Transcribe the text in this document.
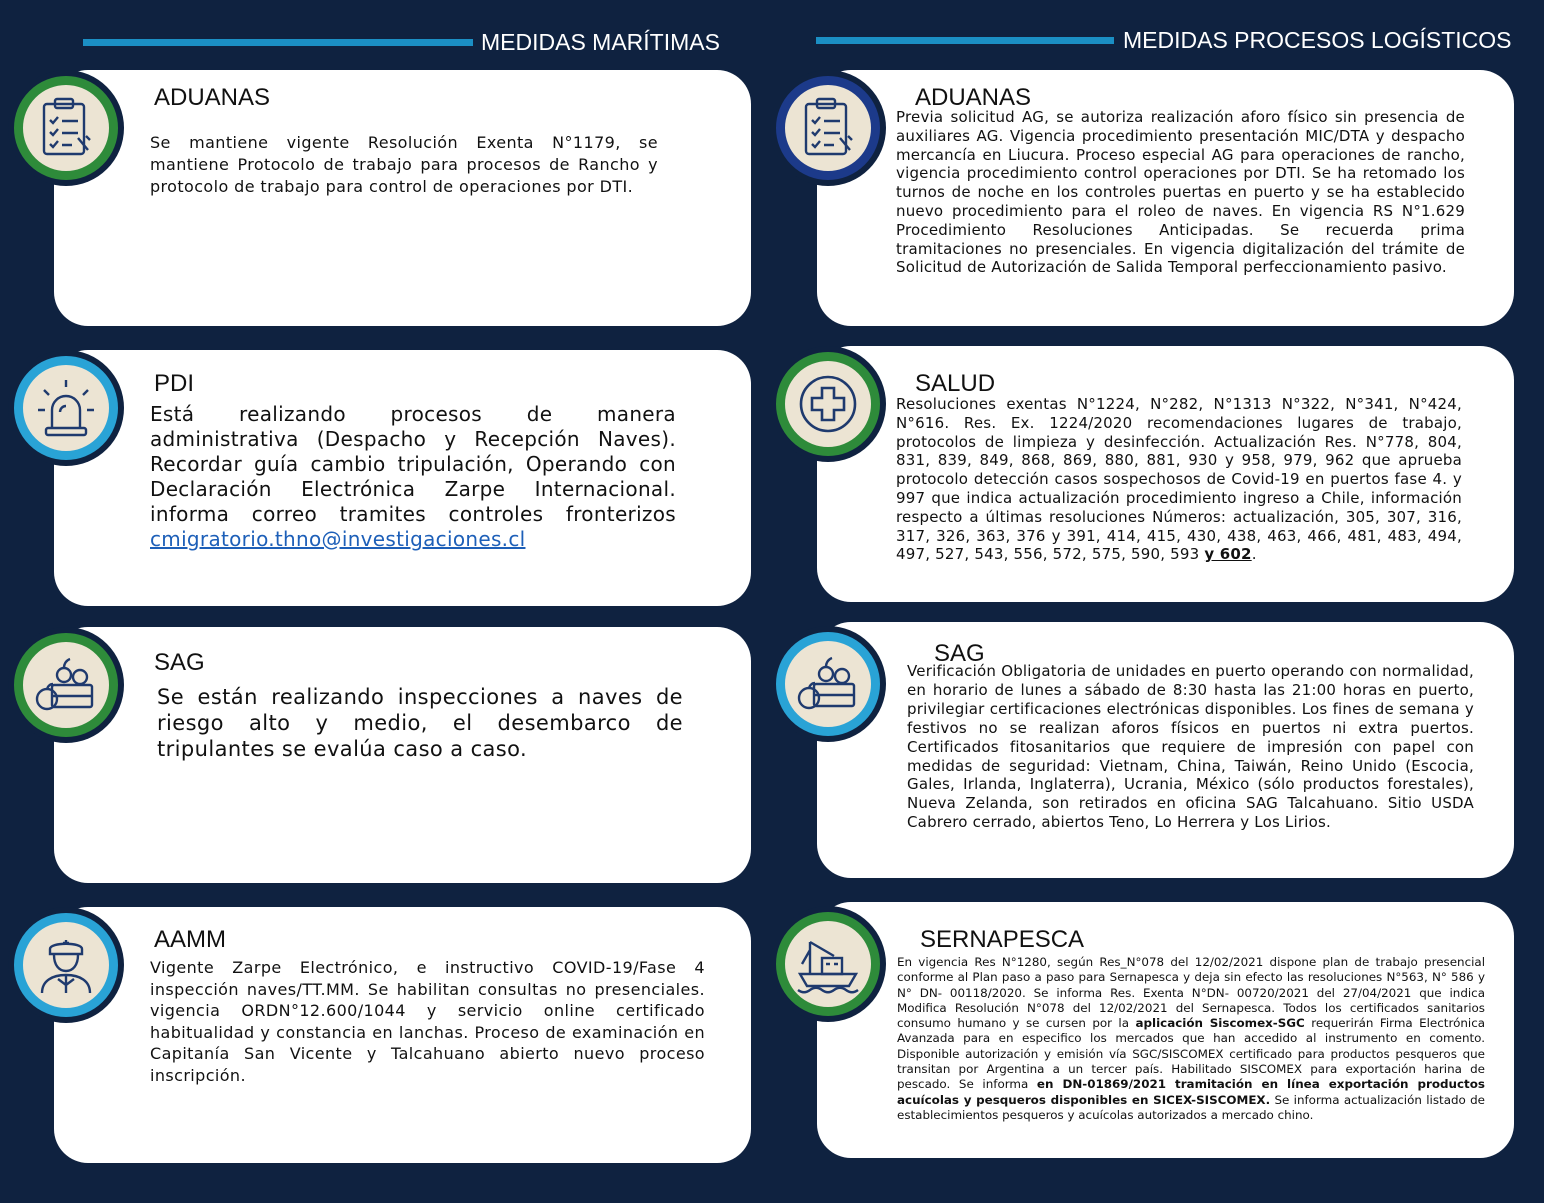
MEDIDAS MARÍTIMAS	MEDIDAS PROCESOS LOGÍSTICOS
ADUANAS
Se mantiene vigente Resolución Exenta N°1179, se mantiene Protocolo de trabajo para procesos de Rancho y protocolo de trabajo para control de operaciones por DTI.
PDI
Está realizando procesos de manera administrativa (Despacho y Recepción Naves). Recordar guía cambio tripulación, Operando con Declaración Electrónica Zarpe Internacional. informa correo tramites controles fronterizos
cmigratorio.thno@investigaciones.cl
SAG
Se están realizando inspecciones a naves de riesgo alto y medio, el desembarco de tripulantes se evalúa caso a caso.
AAMM
Vigente Zarpe Electrónico, e instructivo COVID-19/Fase 4 inspección naves/TT.MM. Se habilitan consultas no presenciales. vigencia ORDN°12.600/1044 y servicio online certificado habitualidad y constancia en lanchas. Proceso de examinación en Capitanía San Vicente y Talcahuano abierto nuevo proceso inscripción.
ADUANAS
Previa solicitud AG, se autoriza realización aforo físico sin presencia de auxiliares AG. Vigencia procedimiento presentación MIC/DTA y despacho mercancía en Liucura. Proceso especial AG para operaciones de rancho, vigencia procedimiento control operaciones por DTI. Se ha retomado los turnos de noche en los controles puertas en puerto y se ha establecido nuevo procedimiento para el roleo de naves. En vigencia RS N°1.629 Procedimiento Resoluciones Anticipadas. Se recuerda prima tramitaciones no presenciales. En vigencia digitalización del trámite de Solicitud de Autorización de Salida Temporal perfeccionamiento pasivo.
SALUD
Resoluciones exentas N°1224, N°282, N°1313 N°322, N°341, N°424, N°616. Res. Ex. 1224/2020 recomendaciones lugares de trabajo, protocolos de limpieza y desinfección. Actualización Res. N°778, 804, 831, 839, 849, 868, 869, 880, 881, 930 y 958, 979, 962 que aprueba protocolo detección casos sospechosos de Covid-19 en puertos fase 4. y 997 que indica actualización procedimiento ingreso a Chile, información respecto a últimas resoluciones Números: actualización, 305, 307, 316, 317, 326, 363, 376 y 391, 414, 415, 430, 438, 463, 466, 481, 483, 494, 497, 527, 543, 556, 572, 575, 590, 593 y 602.
SAG
Verificación Obligatoria de unidades en puerto operando con normalidad, en horario de lunes a sábado de 8:30 hasta las 21:00 horas en puerto, privilegiar certificaciones electrónicas disponibles. Los fines de semana y festivos no se realizan aforos físicos en puertos ni extra puertos. Certificados fitosanitarios que requiere de impresión con papel con medidas de seguridad: Vietnam, China, Taiwán, Reino Unido (Escocia, Gales, Irlanda, Inglaterra), Ucrania, México (sólo productos forestales), Nueva Zelanda, son retirados en oficina SAG Talcahuano. Sitio USDA Cabrero cerrado, abiertos Teno, Lo Herrera y Los Lirios.
SERNAPESCA
En vigencia Res N°1280, según Res_N°078 del 12/02/2021 dispone plan de trabajo presencial conforme al Plan paso a paso para Sernapesca y deja sin efecto las resoluciones N°563, N° 586 y N° DN- 00118/2020. Se informa Res. Exenta N°DN- 00720/2021 del 27/04/2021 que indica Modifica Resolución N°078 del 12/02/2021 del Sernapesca. Todos los certificados sanitarios consumo humano y se cursen por la aplicación Siscomex-SGC requerirán Firma Electrónica Avanzada para en especifico los mercados que han accedido al instrumento en comento. Disponible autorización y emisión vía SGC/SISCOMEX certificado para productos pesqueros que transitan por Argentina a un tercer país. Habilitado SISCOMEX para exportación harina de pescado. Se informa en DN-01869/2021 tramitación en línea exportación productos acuícolas y pesqueros disponibles en SICEX-SISCOMEX. Se informa actualización listado de establecimientos pesqueros y acuícolas autorizados a mercado chino.
